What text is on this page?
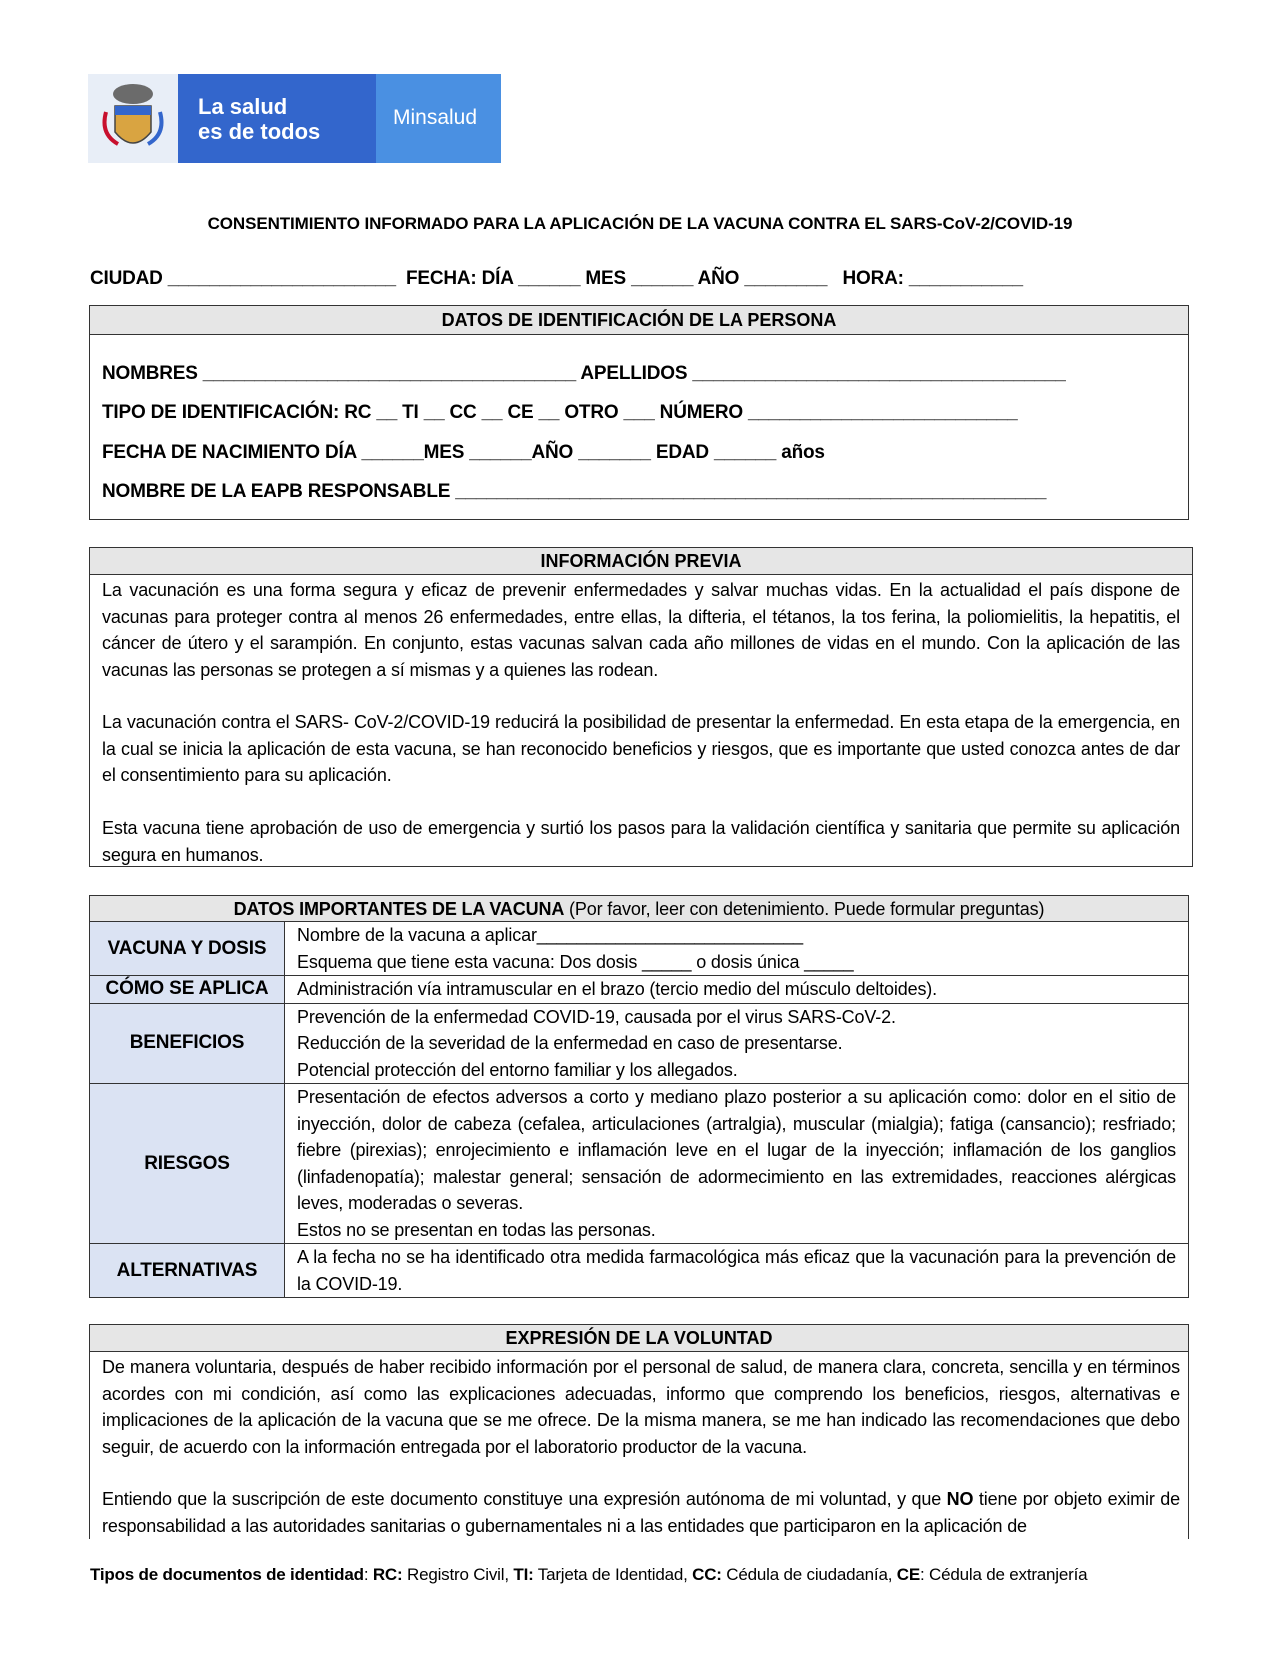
La salud
es de todos
Minsalud
CONSENTIMIENTO INFORMADO PARA LA APLICACIÓN DE LA VACUNA CONTRA EL SARS-CoV-2/COVID-19
CIUDAD ______________________  FECHA: DÍA ______ MES ______ AÑO ________   HORA: ___________
DATOS DE IDENTIFICACIÓN DE LA PERSONA
NOMBRES ____________________________________ APELLIDOS ____________________________________
TIPO DE IDENTIFICACIÓN: RC __ TI __ CC __ CE __ OTRO ___ NÚMERO __________________________
FECHA DE NACIMIENTO DÍA ______MES ______AÑO _______ EDAD ______ años
NOMBRE DE LA EAPB RESPONSABLE _________________________________________________________
INFORMACIÓN PREVIA
La vacunación es una forma segura y eficaz de prevenir enfermedades y salvar muchas vidas. En la actualidad el país dispone de vacunas para proteger contra al menos 26 enfermedades, entre ellas, la difteria, el tétanos, la tos ferina, la poliomielitis, la hepatitis, el cáncer de útero y el sarampión. En conjunto, estas vacunas salvan cada año millones de vidas en el mundo. Con la aplicación de las vacunas las personas se protegen a sí mismas y a quienes las rodean.
La vacunación contra el SARS- CoV-2/COVID-19 reducirá la posibilidad de presentar la enfermedad. En esta etapa de la emergencia, en la cual se inicia la aplicación de esta vacuna, se han reconocido beneficios y riesgos, que es importante que usted conozca antes de dar el consentimiento para su aplicación.
Esta vacuna tiene aprobación de uso de emergencia y surtió los pasos para la validación científica y sanitaria que permite su aplicación segura en humanos.
DATOS IMPORTANTES DE LA VACUNA (Por favor, leer con detenimiento. Puede formular preguntas)	
VACUNA Y DOSIS	Nombre de la vacuna a aplicar___________________________
Esquema que tiene esta vacuna: Dos dosis _____ o dosis única _____

CÓMO SE APLICA	Administración vía intramuscular en el brazo (tercio medio del músculo deltoides).

BENEFICIOS	Prevención de la enfermedad COVID-19, causada por el virus SARS-CoV-2.
Reducción de la severidad de la enfermedad en caso de presentarse.
Potencial protección del entorno familiar y los allegados.

RIESGOS	Presentación de efectos adversos a corto y mediano plazo posterior a su aplicación como: dolor en el sitio de inyección, dolor de cabeza (cefalea, articulaciones (artralgia), muscular (mialgia); fatiga (cansancio); resfriado; fiebre (pirexias); enrojecimiento e inflamación leve en el lugar de la inyección; inflamación de los ganglios (linfadenopatía); malestar general; sensación de adormecimiento en las extremidades, reacciones alérgicas leves, moderadas o severas.
Estos no se presentan en todas las personas.

ALTERNATIVAS	A la fecha no se ha identificado otra medida farmacológica más eficaz que la vacunación para la prevención de la COVID-19.
EXPRESIÓN DE LA VOLUNTAD
De manera voluntaria, después de haber recibido información por el personal de salud, de manera clara, concreta, sencilla y en términos acordes con mi condición, así como las explicaciones adecuadas, informo que comprendo los beneficios, riesgos, alternativas e implicaciones de la aplicación de la vacuna que se me ofrece. De la misma manera, se me han indicado las recomendaciones que debo seguir, de acuerdo con la información entregada por el laboratorio productor de la vacuna.
Entiendo que la suscripción de este documento constituye una expresión autónoma de mi voluntad, y que NO tiene por objeto eximir de responsabilidad a las autoridades sanitarias o gubernamentales ni a las entidades que participaron en la aplicación de
Tipos de documentos de identidad: RC: Registro Civil, TI: Tarjeta de Identidad, CC: Cédula de ciudadanía, CE: Cédula de extranjería
